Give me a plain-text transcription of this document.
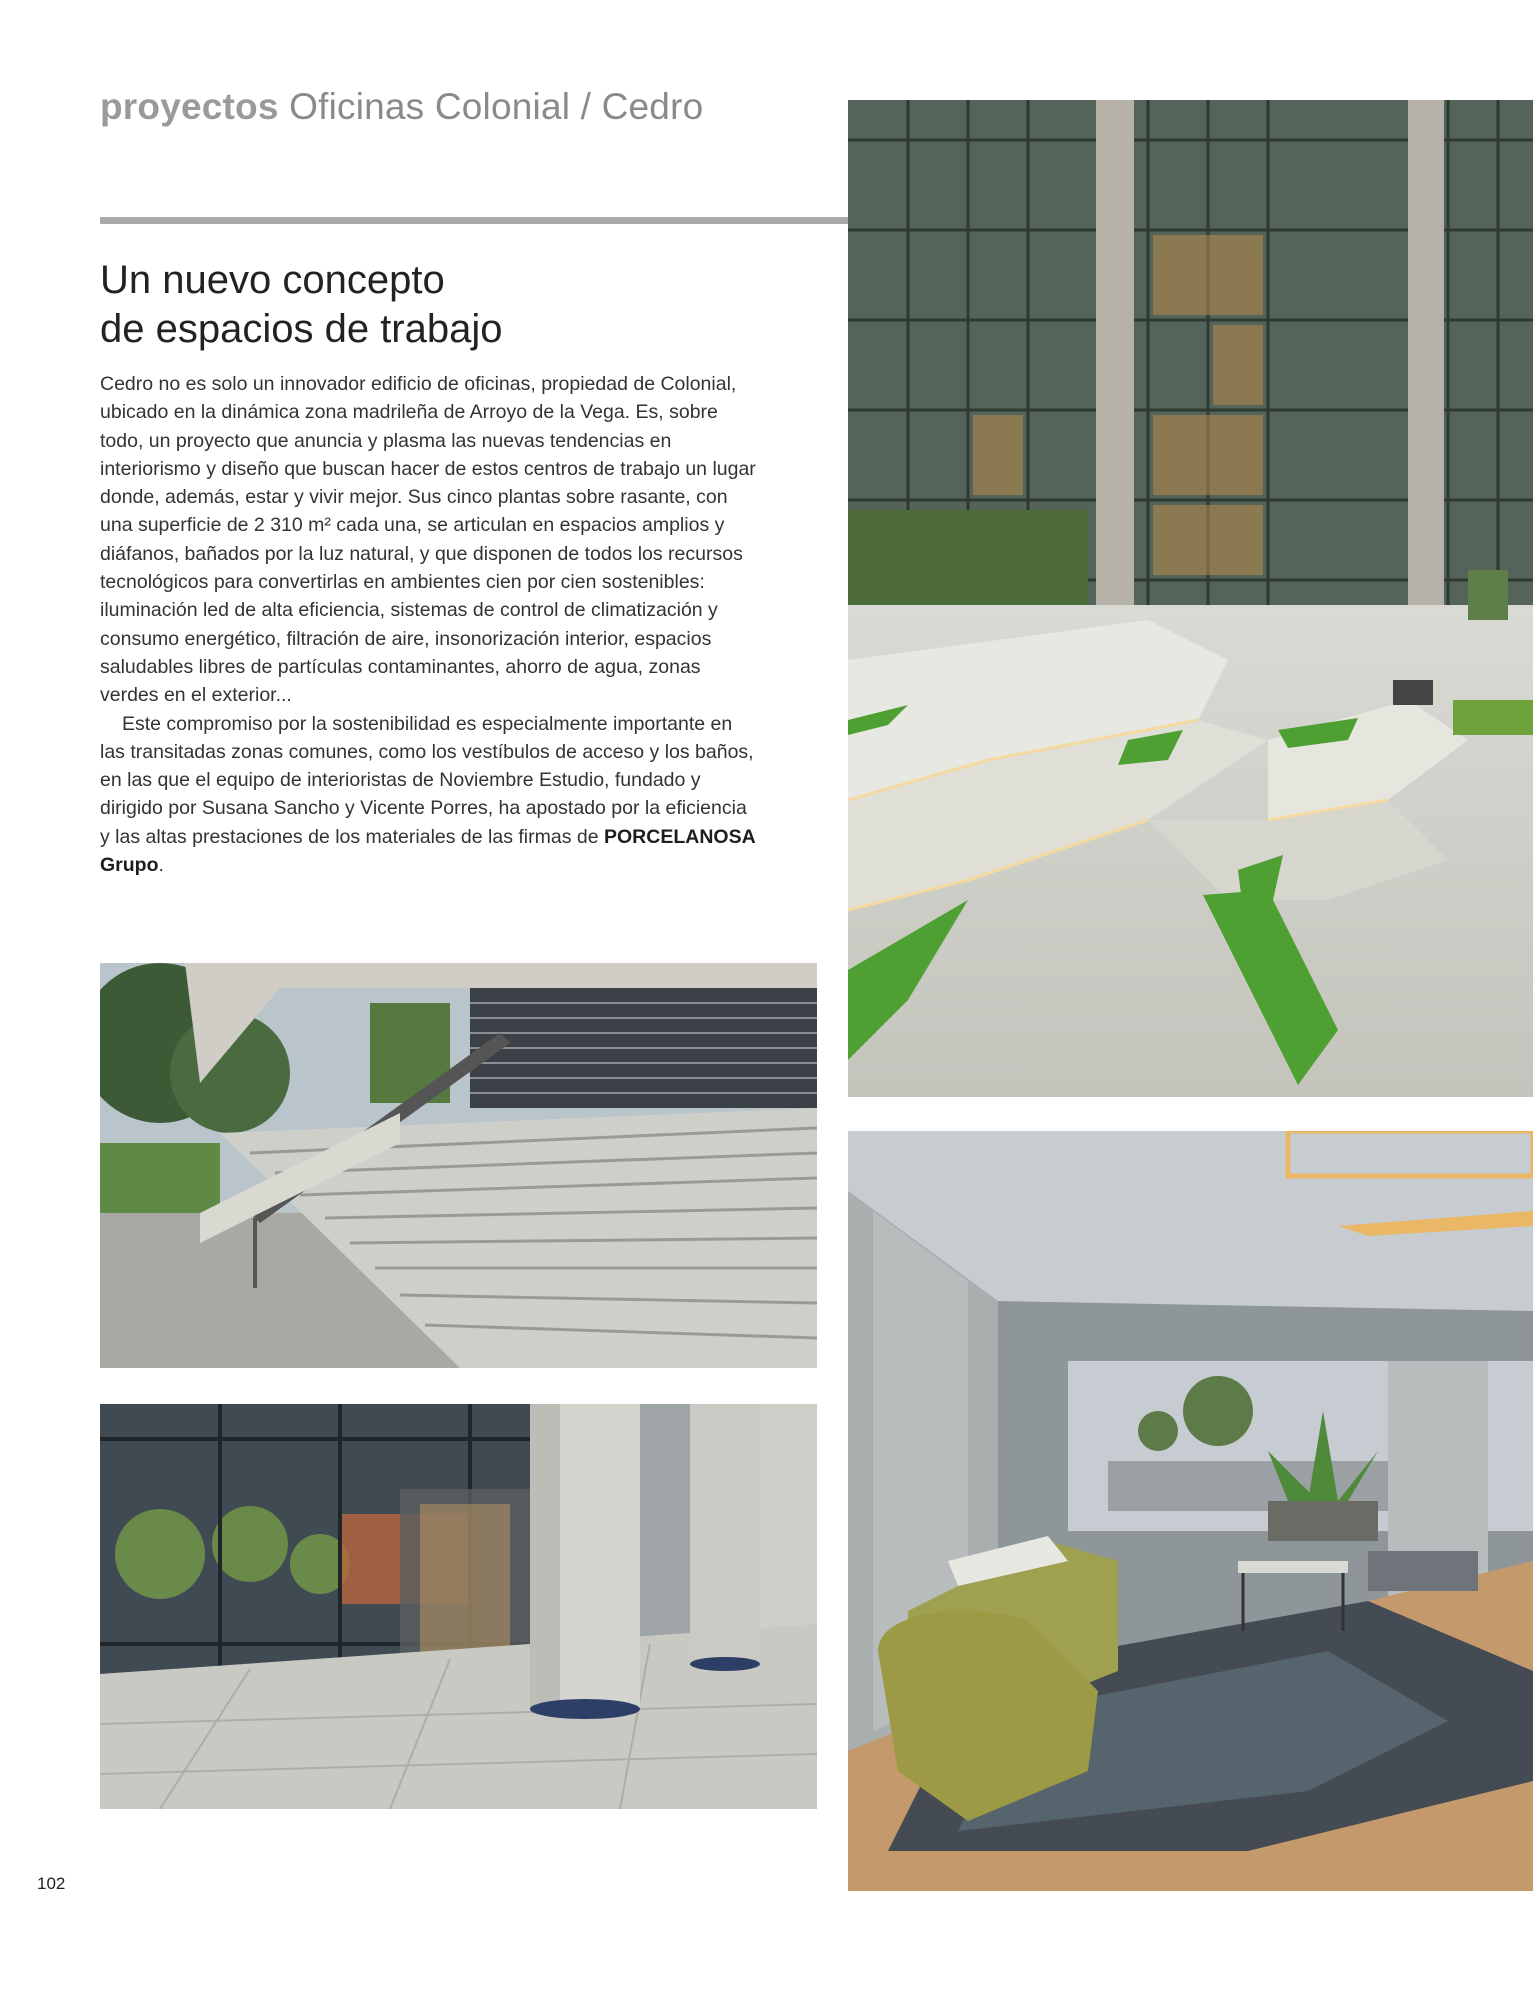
proyectos Oficinas Colonial / Cedro
Un nuevo concepto
de espacios de trabajo

Cedro no es solo un innovador edificio de oficinas, propiedad de Colonial, ubicado en la dinámica zona madrileña de Arroyo de la Vega. Es, sobre todo, un proyecto que anuncia y plasma las nuevas tendencias en interiorismo y diseño que buscan hacer de estos centros de trabajo un lugar donde, además, estar y vivir mejor. Sus cinco plantas sobre rasante, con una superficie de 2 310 m² cada una, se articulan en espacios amplios y diáfanos, bañados por la luz natural, y que disponen de todos los recursos tecnológicos para convertirlas en ambientes cien por cien sostenibles: iluminación led de alta eficiencia, sistemas de control de climatización y consumo energético, filtración de aire, insonorización interior, espacios saludables libres de partículas contaminantes, ahorro de agua, zonas verdes en el exterior...

Este compromiso por la sostenibilidad es especialmente importante en las transitadas zonas comunes, como los vestíbulos de acceso y los baños, en las que el equipo de interioristas de Noviembre Estudio, fundado y dirigido por Susana Sancho y Vicente Porres, ha apostado por la eficiencia y las altas prestaciones de los materiales de las firmas de PORCELANOSA Grupo.

102
